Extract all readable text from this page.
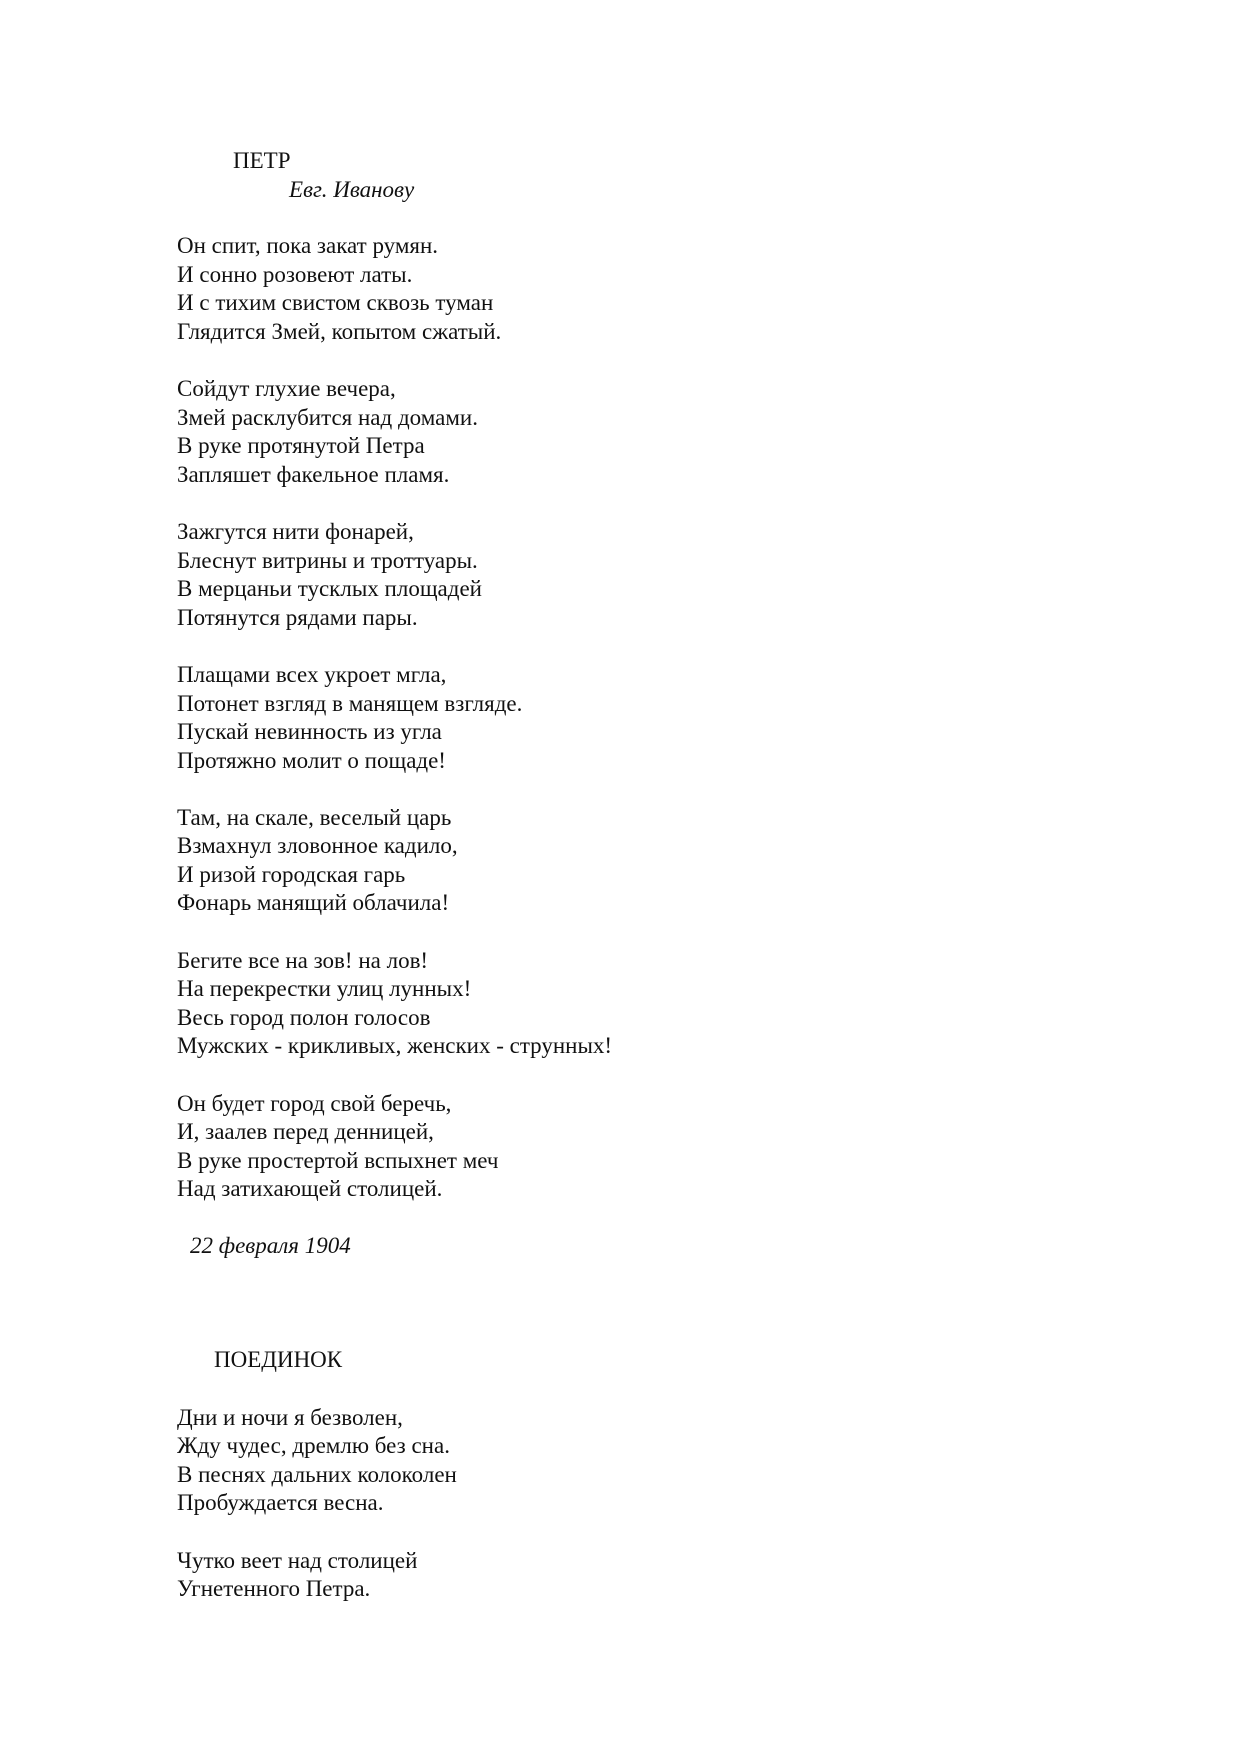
ПЕТР
Евг. Иванову
Он спит, пока закат румян.
И сонно розовеют латы.
И с тихим свистом сквозь туман
Глядится Змей, копытом сжатый.
Сойдут глухие вечера,
Змей расклубится над домами.
В руке протянутой Петра
Запляшет факельное пламя.
Зажгутся нити фонарей,
Блеснут витрины и троттуары.
В мерцаньи тусклых площадей
Потянутся рядами пары.
Плащами всех укроет мгла,
Потонет взгляд в манящем взгляде.
Пускай невинность из угла
Протяжно молит о пощаде!
Там, на скале, веселый царь
Взмахнул зловонное кадило,
И ризой городская гарь
Фонарь манящий облачила!
Бегите все на зов! на лов!
На перекрестки улиц лунных!
Весь город полон голосов
Мужских - крикливых, женских - струнных!
Он будет город свой беречь,
И, заалев перед денницей,
В руке простертой вспыхнет меч
Над затихающей столицей.
22 февраля 1904
ПОЕДИНОК
Дни и ночи я безволен,
Жду чудес, дремлю без сна.
В песнях дальних колоколен
Пробуждается весна.
Чутко веет над столицей
Угнетенного Петра.
